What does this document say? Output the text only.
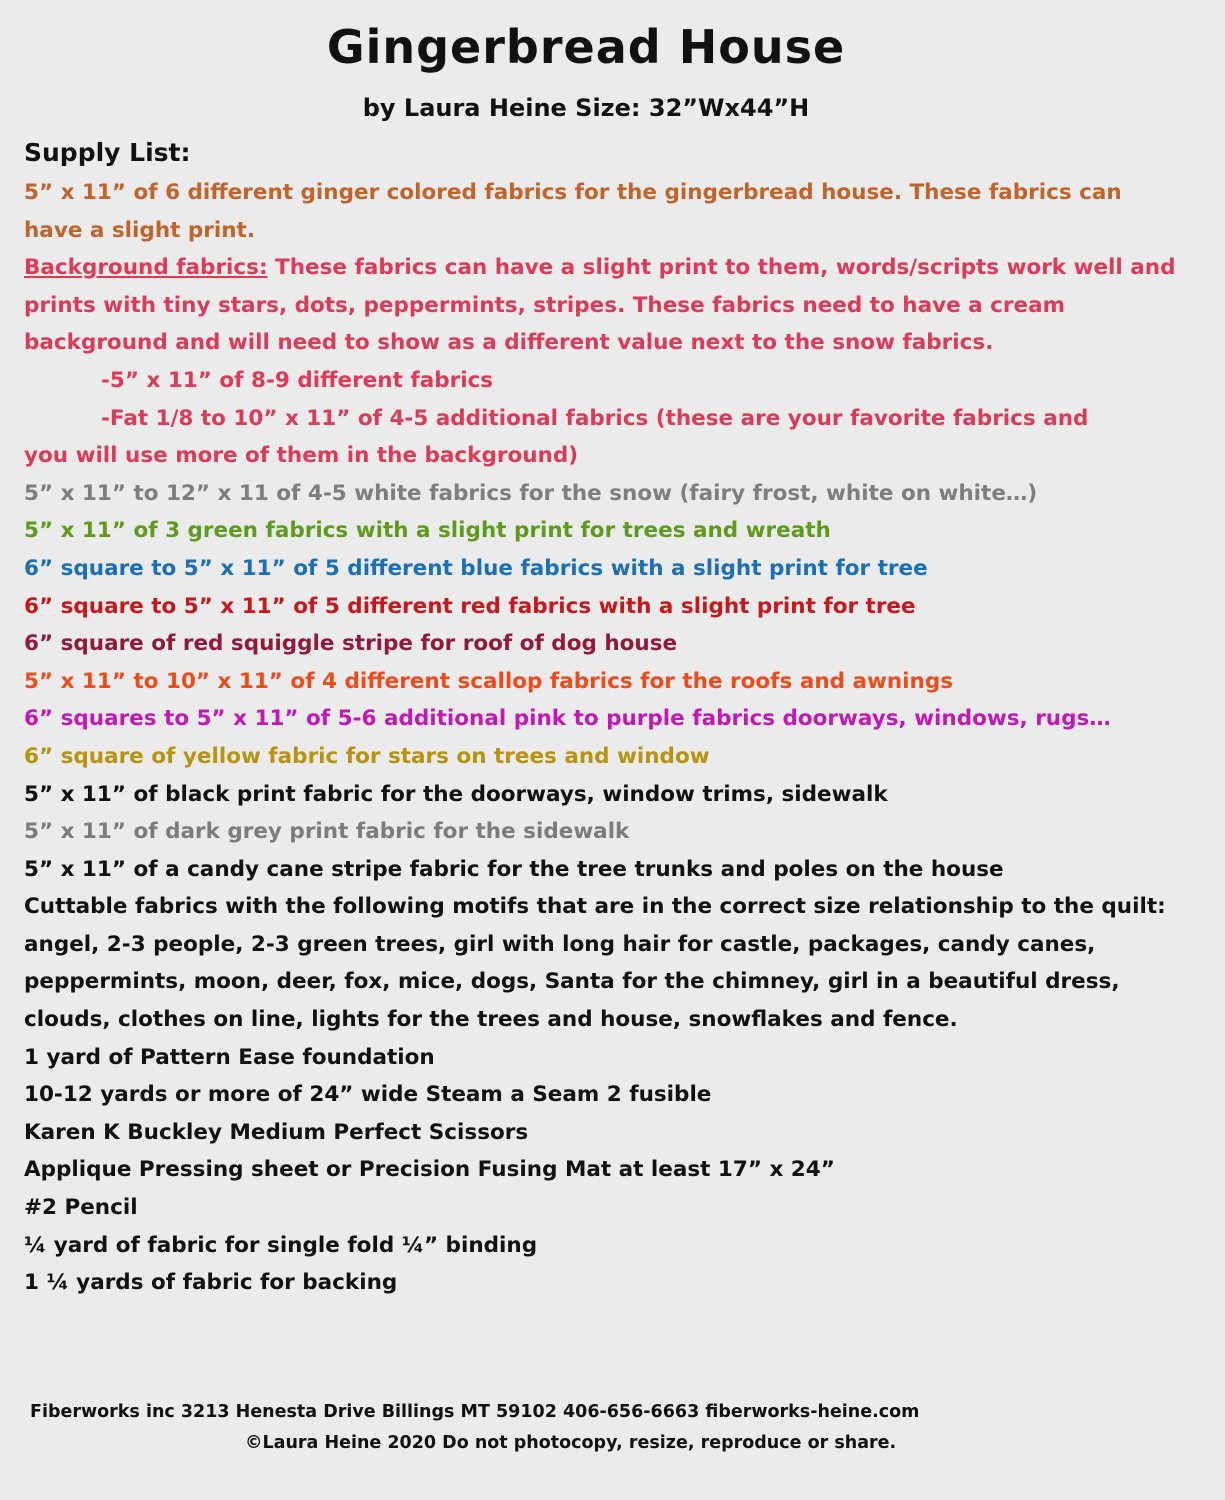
Gingerbread House
by Laura Heine Size: 32”Wx44”H
Supply List:

5” x 11” of 6 different ginger colored fabrics for the gingerbread house. These fabrics can have a slight print.

Background fabrics: These fabrics can have a slight print to them, words/scripts work well and prints with tiny stars, dots, peppermints, stripes. These fabrics need to have a cream background and will need to show as a different value next to the snow fabrics.

-5” x 11” of 8-9 different fabrics

-Fat 1/8 to 10” x 11” of 4-5 additional fabrics (these are your favorite fabrics and

you will use more of them in the background)

5” x 11” to 12” x 11 of 4-5 white fabrics for the snow (fairy frost, white on white…)

5” x 11” of 3 green fabrics with a slight print for trees and wreath

6” square to 5” x 11” of 5 different blue fabrics with a slight print for tree

6” square to 5” x 11” of 5 different red fabrics with a slight print for tree

6” square of red squiggle stripe for roof of dog house

5” x 11” to 10” x 11” of 4 different scallop fabrics for the roofs and awnings

6” squares to 5” x 11” of 5-6 additional pink to purple fabrics doorways, windows, rugs…

6” square of yellow fabric for stars on trees and window

5” x 11” of black print fabric for the doorways, window trims, sidewalk

5” x 11” of dark grey print fabric for the sidewalk

5” x 11” of a candy cane stripe fabric for the tree trunks and poles on the house

Cuttable fabrics with the following motifs that are in the correct size relationship to the quilt: angel, 2-3 people, 2-3 green trees, girl with long hair for castle, packages, candy canes, peppermints, moon, deer, fox, mice, dogs, Santa for the chimney, girl in a beautiful dress, clouds, clothes on line, lights for the trees and house, snowflakes and fence.

1 yard of Pattern Ease foundation

10-12 yards or more of 24” wide Steam a Seam 2 fusible

Karen K Buckley Medium Perfect Scissors

Applique Pressing sheet or Precision Fusing Mat at least 17” x 24”

#2 Pencil

¼ yard of fabric for single fold ¼” binding

1 ¼ yards of fabric for backing

Fiberworks inc 3213 Henesta Drive Billings MT 59102 406-656-6663 fiberworks-heine.com

©Laura Heine 2020 Do not photocopy, resize, reproduce or share.
